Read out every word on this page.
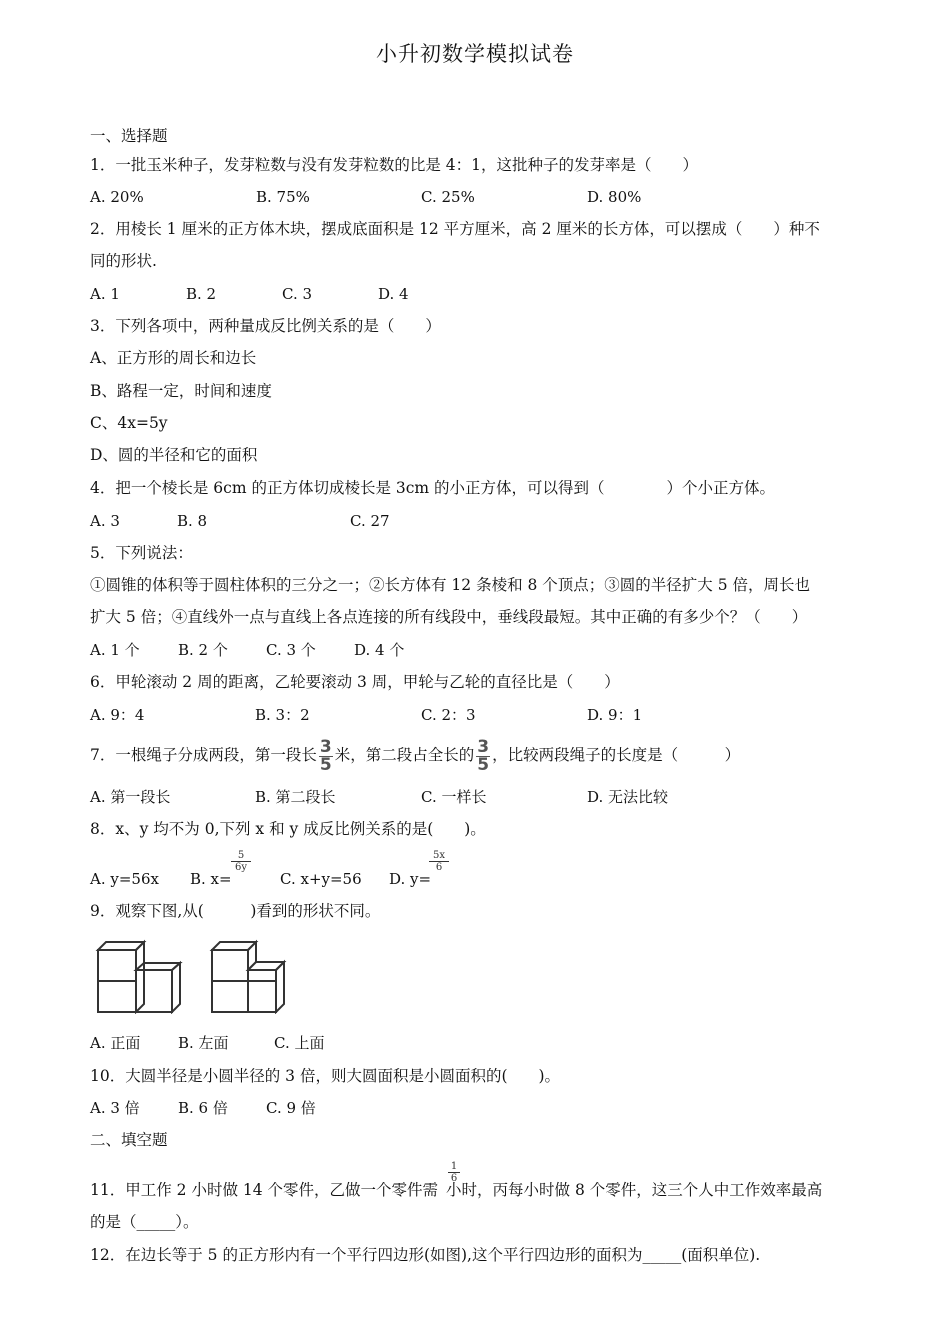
小升初数学模拟试卷
一、选择题
1．一批玉米种子，发芽粒数与没有发芽粒数的比是 4：1，这批种子的发芽率是（　　）
A. 20%	B. 75%	C. 25%	D. 80%
2．用棱长 1 厘米的正方体木块，摆成底面积是 12 平方厘米，高 2 厘米的长方体，可以摆成（　　）种不
同的形状.
A. 1	B. 2	C. 3	D. 4
3．下列各项中，两种量成反比例关系的是（　　）
A、正方形的周长和边长
B、路程一定，时间和速度
C、4x=5y
D、圆的半径和它的面积
4．把一个棱长是 6cm 的正方体切成棱长是 3cm 的小正方体，可以得到（　　　　）个小正方体。
A. 3	B. 8	C. 27
5．下列说法：
①圆锥的体积等于圆柱体积的三分之一；②长方体有 12 条棱和 8 个顶点；③圆的半径扩大 5 倍，周长也
扩大 5 倍；④直线外一点与直线上各点连接的所有线段中，垂线段最短。其中正确的有多少个？（　　）
A. 1 个	B. 2 个	C. 3 个	D. 4 个
6．甲轮滚动 2 周的距离，乙轮要滚动 3 周，甲轮与乙轮的直径比是（　　）
A. 9：4	B. 3：2	C. 2：3	D. 9：1
7．一根绳子分成两段，第一段长 $\frac{3}{5}$ 米，第二段占全长的 $\frac{3}{5}$ ，比较两段绳子的长度是（　　　）
A. 第一段长	B. 第二段长	C. 一样长	D. 无法比较
8．x、y 均不为 0,下列 x 和 y 成反比例关系的是(　　)。
A. y=56x B. x=
$\frac{5}{6y}$
C. x+y=56 D. y=
$\frac{5x}{6}$
9．观察下图,从(　　　)看到的形状不同。
A. 正面	B. 左面	C. 上面
10．大圆半径是小圆半径的 3 倍，则大圆面积是小圆面积的(　　)。
A. 3 倍	B. 6 倍	C. 9 倍
二、填空题
$\frac{1}{6}$
11．甲工作 2 小时做 14 个零件，乙做一个零件需 小时，丙每小时做 8 个零件，这三个人中工作效率最高
的是（_____）。
12．在边长等于 5 的正方形内有一个平行四边形(如图),这个平行四边形的面积为_____(面积单位).
